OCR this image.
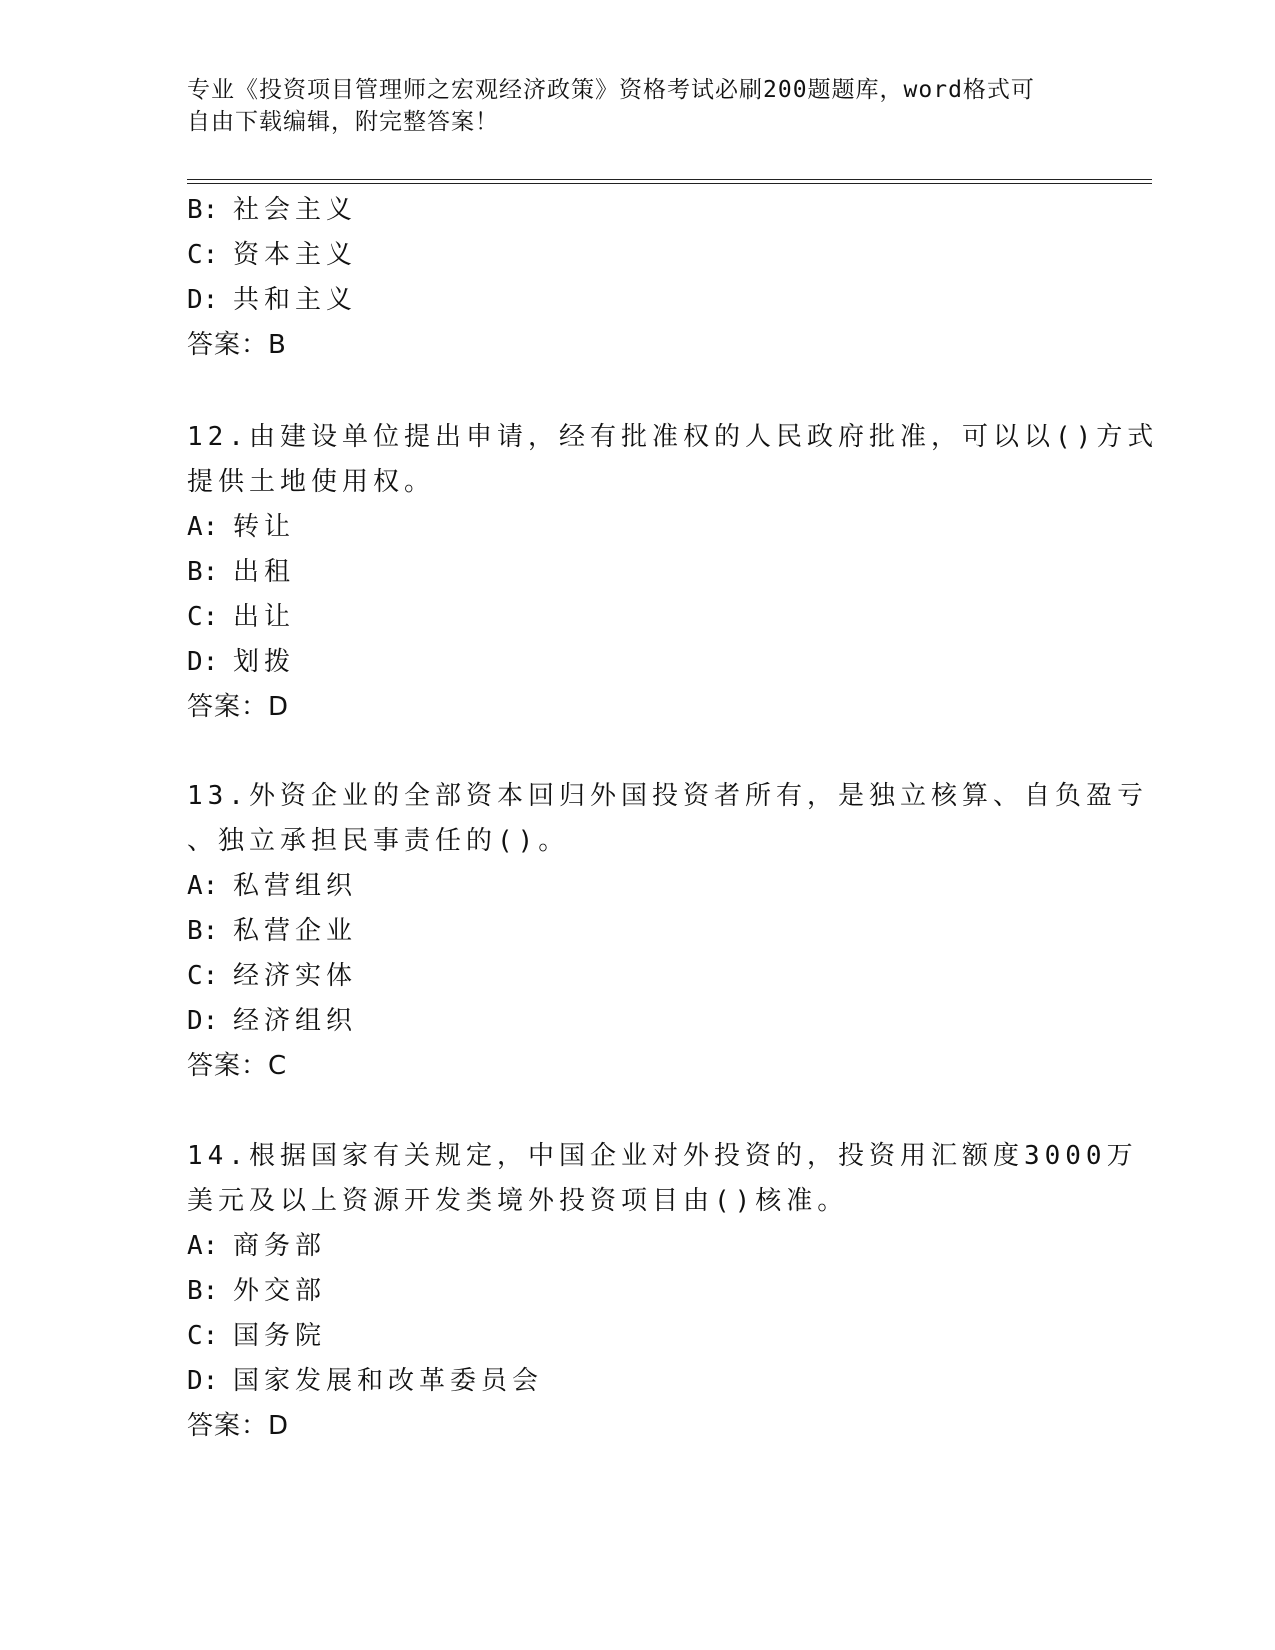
专业《投资项目管理师之宏观经济政策》资格考试必刷200题题库，word格式可
自由下载编辑，附完整答案！
B: 社会主义
C: 资本主义
D: 共和主义
答案：B
12.由建设单位提出申请，经有批准权的人民政府批准，可以以()方式
提供土地使用权。
A: 转让
B: 出租
C: 出让
D: 划拨
答案：D
13.外资企业的全部资本回归外国投资者所有，是独立核算、自负盈亏
、独立承担民事责任的()。
A: 私营组织
B: 私营企业
C: 经济实体
D: 经济组织
答案：C
14.根据国家有关规定，中国企业对外投资的，投资用汇额度3000万
美元及以上资源开发类境外投资项目由()核准。
A: 商务部
B: 外交部
C: 国务院
D: 国家发展和改革委员会
答案：D
